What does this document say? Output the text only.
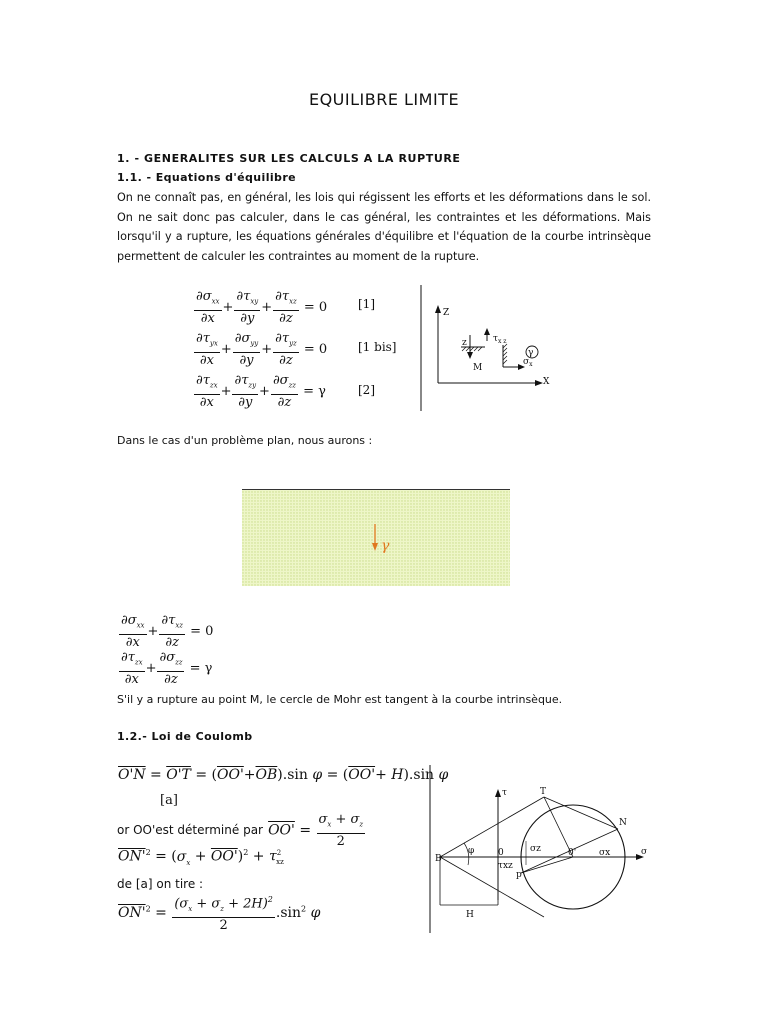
EQUILIBRE LIMITE
1. - GENERALITES SUR LES CALCULS A LA RUPTURE
1.1. - Equations d'équilibre

On ne connaît pas, en général, les lois qui régissent les efforts et les déformations dans le sol. On ne sait donc pas calculer, dans le cas général, les contraintes et les déformations. Mais lorsqu'il y a rupture, les équations générales d'équilibre et l'équation de la courbe intrinsèque permettent de calculer les contraintes au moment de la rupture.

$\frac{\partial\sigma_{xx}}{\partial x} + \frac{\partial\tau_{xy}}{\partial y} + \frac{\partial\tau_{xz}}{\partial z} = 0$	[1]
$\frac{\partial\tau_{yx}}{\partial x} + \frac{\partial\sigma_{yy}}{\partial y} + \frac{\partial\tau_{yz}}{\partial z} = 0$	[1 bis]
$\frac{\partial\tau_{zx}}{\partial x} + \frac{\partial\tau_{zy}}{\partial y} + \frac{\partial\sigma_{zz}}{\partial z} = \gamma$	[2]
Z
X
z	$\tau_{x z}$
$\sigma_x$
M
γ
Dans le cas d'un problème plan, nous aurons :
γ
$\frac{\partial\sigma_{xx}}{\partial x} + \frac{\partial\tau_{xz}}{\partial z} = 0$
$\frac{\partial\tau_{zx}}{\partial x} + \frac{\partial\sigma_{zz}}{\partial z} = \gamma$
S'il y a rupture au point M, le cercle de Mohr est tangent à la courbe intrinsèque.
1.2.- Loi de Coulomb
$O'N = O'T = (OO'+\overline{OB}).\sin$ φ = (OO'+ H).sin φ
[a]
or OO'est déterminé par $OO' = \frac{\sigma_x + \sigma_z}{2}$
$ON'^2 = (\sigma_x + OO')^2 + \tau^2_{xz}$
de [a] on tire :
$ON'^2 = \frac{(\sigma_x + \sigma_z + 2H)^2}{2} .\sin^2$ φ
τ
σ
φ
T
N
B
0	0'	σx
σz
τxz
p
H
